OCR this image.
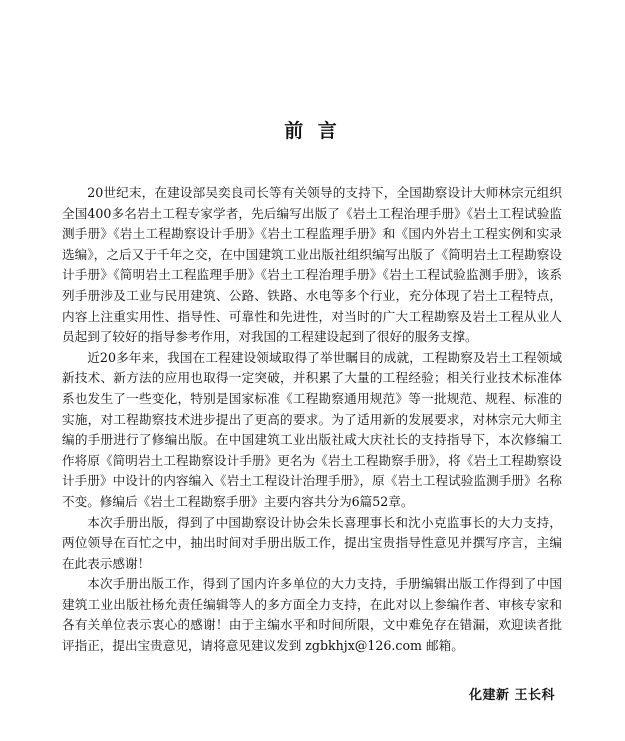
前 言

20世纪末，在建设部吴奕良司长等有关领导的支持下，全国勘察设计大师林宗元组织全国400多名岩土工程专家学者，先后编写出版了《岩土工程治理手册》《岩土工程试验监测手册》《岩土工程勘察设计手册》《岩土工程监理手册》和《国内外岩土工程实例和实录选编》，之后又于千年之交，在中国建筑工业出版社组织编写出版了《简明岩土工程勘察设计手册》《简明岩土工程监理手册》《岩土工程治理手册》《岩土工程试验监测手册》，该系列手册涉及工业与民用建筑、公路、铁路、水电等多个行业，充分体现了岩土工程特点，内容上注重实用性、指导性、可靠性和先进性，对当时的广大工程勘察及岩土工程从业人员起到了较好的指导参考作用，对我国的工程建设起到了很好的服务支撑。

近20多年来，我国在工程建设领域取得了举世瞩目的成就，工程勘察及岩土工程领域新技术、新方法的应用也取得一定突破，并积累了大量的工程经验；相关行业技术标准体系也发生了一些变化，特别是国家标准《工程勘察通用规范》等一批规范、规程、标准的实施，对工程勘察技术进步提出了更高的要求。为了适用新的发展要求，对林宗元大师主编的手册进行了修编出版。在中国建筑工业出版社咸大庆社长的支持指导下，本次修编工作将原《简明岩土工程勘察设计手册》更名为《岩土工程勘察手册》，将《岩土工程勘察设计手册》中设计的内容编入《岩土工程设计治理手册》，原《岩土工程试验监测手册》名称不变。修编后《岩土工程勘察手册》主要内容共分为6篇52章。

本次手册出版，得到了中国勘察设计协会朱长喜理事长和沈小克监事长的大力支持，两位领导在百忙之中，抽出时间对手册出版工作，提出宝贵指导性意见并撰写序言，主编在此表示感谢！

本次手册出版工作，得到了国内许多单位的大力支持，手册编辑出版工作得到了中国建筑工业出版社杨允责任编辑等人的多方面全力支持，在此对以上参编作者、审核专家和各有关单位表示衷心的感谢！由于主编水平和时间所限，文中难免存在错漏，欢迎读者批评指正，提出宝贵意见，请将意见建议发到 zgbkhjx@126.com 邮箱。

化建新 王长科
